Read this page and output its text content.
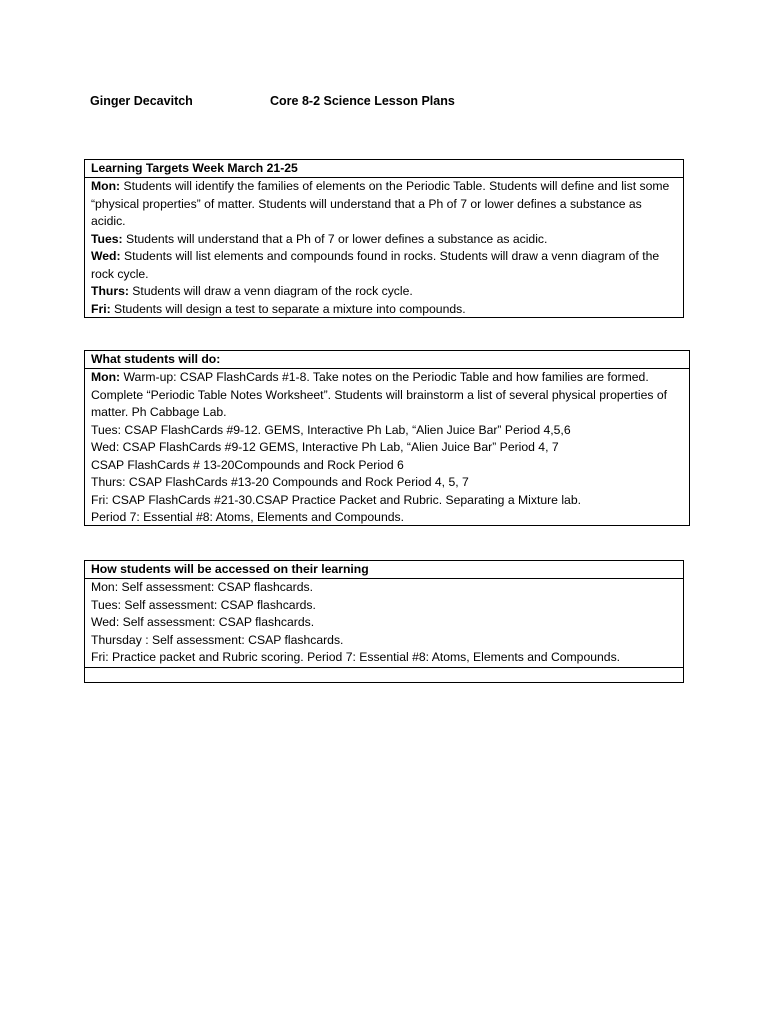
Ginger Decavitch	Core 8-2 Science Lesson Plans
Learning Targets Week March 21-25
Mon: Students will identify the families of elements on the Periodic Table. Students will define and list some “physical properties” of matter. Students will understand that a Ph of 7 or lower defines a substance as acidic.
Tues: Students will understand that a Ph of 7 or lower defines a substance as acidic.
Wed: Students will list elements and compounds found in rocks. Students will draw a venn diagram of the rock cycle.
Thurs: Students will draw a venn diagram of the rock cycle.
Fri: Students will design a test to separate a mixture into compounds.
What students will do:
Mon: Warm-up: CSAP FlashCards #1-8. Take notes on the Periodic Table and how families are formed. Complete “Periodic Table Notes Worksheet”. Students will brainstorm a list of several physical properties of matter. Ph Cabbage Lab.
Tues: CSAP FlashCards #9-12. GEMS, Interactive Ph Lab, “Alien Juice Bar” Period 4,5,6
Wed: CSAP FlashCards #9-12 GEMS, Interactive Ph Lab, “Alien Juice Bar” Period 4, 7
CSAP FlashCards # 13-20Compounds and Rock Period 6
Thurs: CSAP FlashCards #13-20 Compounds and Rock Period 4, 5, 7
Fri: CSAP FlashCards #21-30.CSAP Practice Packet and Rubric. Separating a Mixture lab.
Period 7: Essential #8: Atoms, Elements and Compounds.
How students will be accessed on their learning
Mon: Self assessment: CSAP flashcards.
Tues: Self assessment: CSAP flashcards.
Wed: Self assessment: CSAP flashcards.
Thursday : Self assessment: CSAP flashcards.
Fri: Practice packet and Rubric scoring. Period 7: Essential #8: Atoms, Elements and Compounds.
